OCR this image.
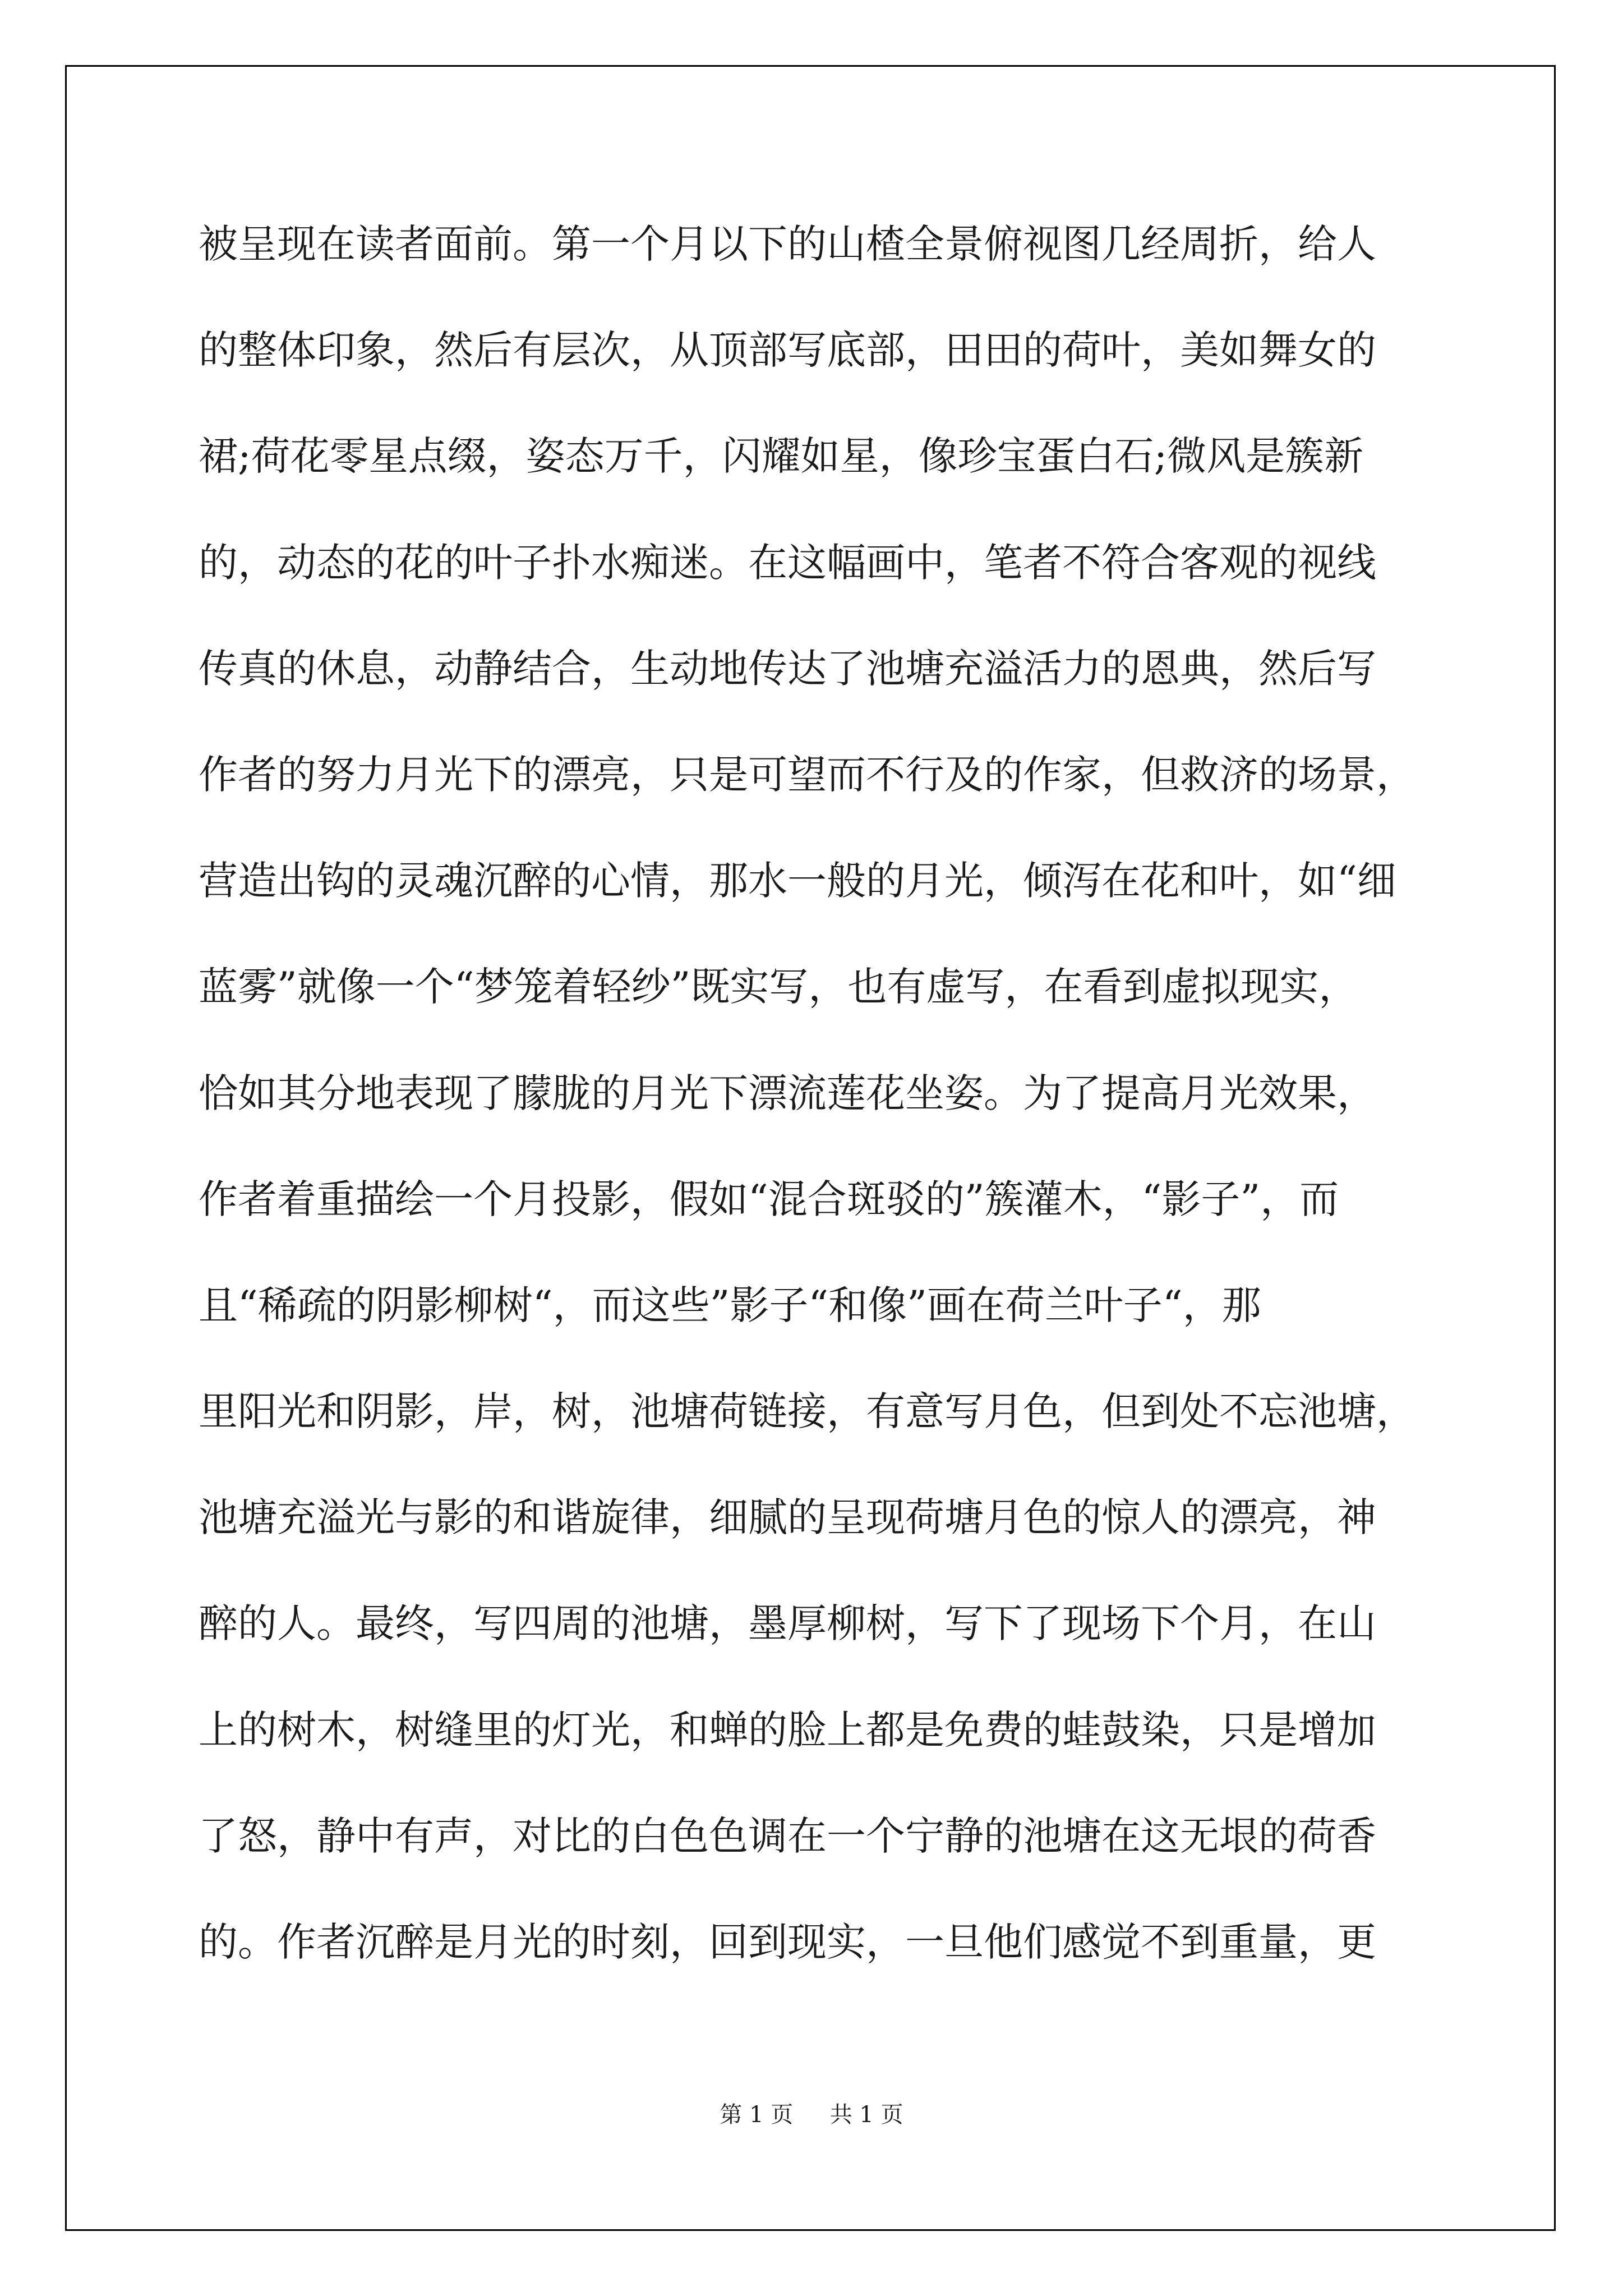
被呈现在读者面前。第一个月以下的山楂全景俯视图几经周折，给人
的整体印象，然后有层次，从顶部写底部，田田的荷叶，美如舞女的
裙;荷花零星点缀，姿态万千，闪耀如星，像珍宝蛋白石;微风是簇新
的，动态的花的叶子扑水痴迷。在这幅画中，笔者不符合客观的视线
传真的休息，动静结合，生动地传达了池塘充溢活力的恩典，然后写
作者的努力月光下的漂亮，只是可望而不行及的作家，但救济的场景，
营造出钩的灵魂沉醉的心情，那水一般的月光，倾泻在花和叶，如“细
蓝雾”就像一个“梦笼着轻纱”既实写，也有虚写，在看到虚拟现实，
恰如其分地表现了朦胧的月光下漂流莲花坐姿。为了提高月光效果，
作者着重描绘一个月投影，假如“混合斑驳的”簇灌木，“影子”，而
且“稀疏的阴影柳树“，而这些”影子“和像”画在荷兰叶子“，那
里阳光和阴影，岸，树，池塘荷链接，有意写月色，但到处不忘池塘，
池塘充溢光与影的和谐旋律，细腻的呈现荷塘月色的惊人的漂亮，神
醉的人。最终，写四周的池塘，墨厚柳树，写下了现场下个月，在山
上的树木，树缝里的灯光，和蝉的脸上都是免费的蛙鼓染，只是增加
了怒，静中有声，对比的白色色调在一个宁静的池塘在这无垠的荷香
的。作者沉醉是月光的时刻，回到现实，一旦他们感觉不到重量，更
第 1 页 共 1 页
